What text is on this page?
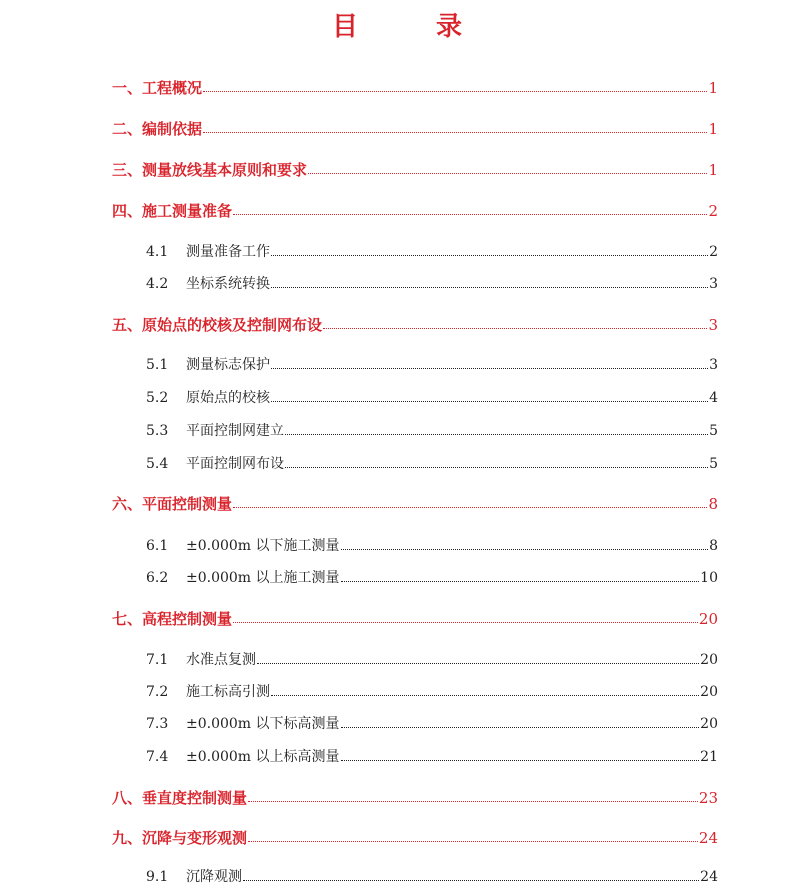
目　录
一、工程概况	1
二、编制依据	1
三、测量放线基本原则和要求	1
四、施工测量准备	2
4.1	测量准备工作	2
4.2	坐标系统转换	3
五、原始点的校核及控制网布设	3
5.1	测量标志保护	3
5.2	原始点的校核	4
5.3	平面控制网建立	5
5.4	平面控制网布设	5
六、平面控制测量	8
6.1	±0.000m 以下施工测量	8
6.2	±0.000m 以上施工测量	10
七、高程控制测量	20
7.1	水准点复测	20
7.2	施工标高引测	20
7.3	±0.000m 以下标高测量	20
7.4	±0.000m 以上标高测量	21
八、垂直度控制测量	23
九、沉降与变形观测	24
9.1	沉降观测	24
